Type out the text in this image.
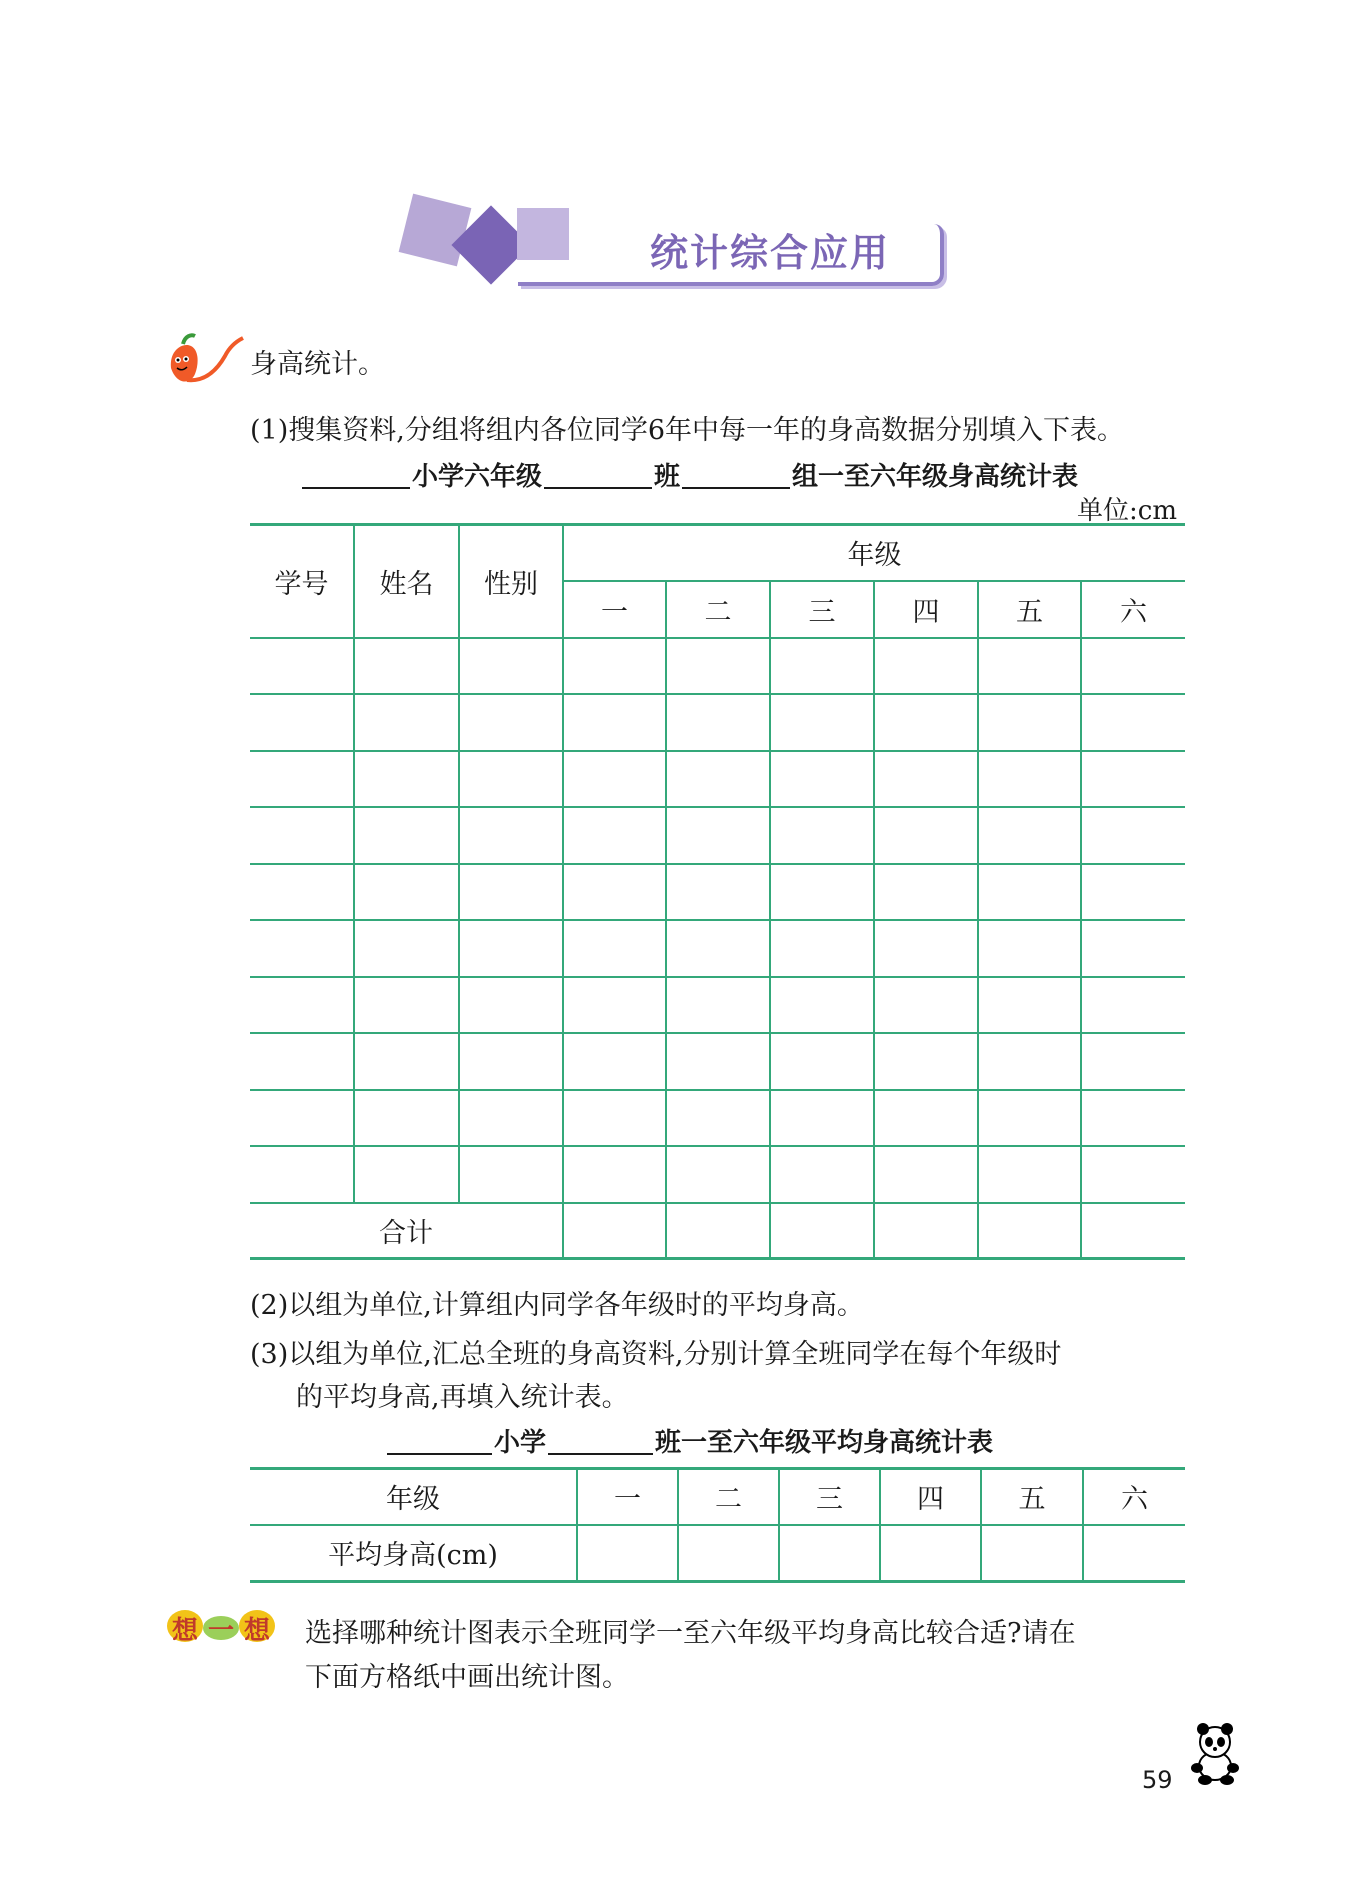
统计综合应用
身高统计。
(1)搜集资料,分组将组内各位同学6年中每一年的身高数据分别填入下表。
小学六年级	班	组一至六年级身高统计表
单位:cm
学号	姓名	性别	年级					
			一	二	三	四	五	六

合计								
(2)以组为单位,计算组内同学各年级时的平均身高。
(3)以组为单位,汇总全班的身高资料,分别计算全班同学在每个年级时
的平均身高,再填入统计表。
小学	班一至六年级平均身高统计表
年级	一	二	三	四	五	六
平均身高(cm)						
想 一 想 选择哪种统计图表示全班同学一至六年级平均身高比较合适?请在
下面方格纸中画出统计图。
59
